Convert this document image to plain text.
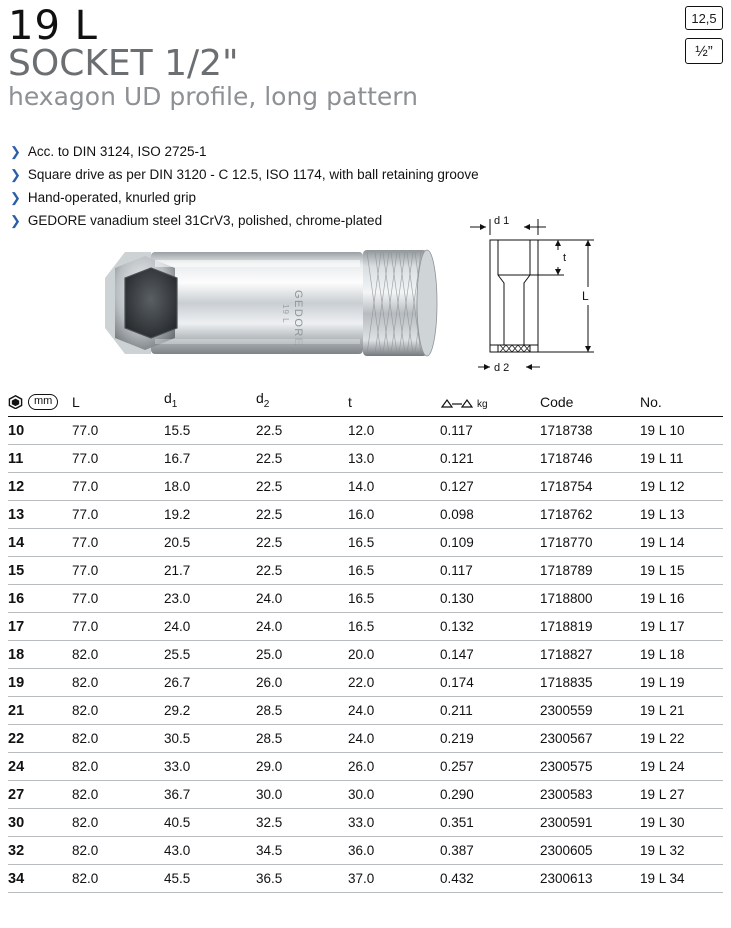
19 L
SOCKET 1/2"
hexagon UD profile, long pattern
12,5
½”
❯ Acc. to DIN 3124, ISO 2725-1
❯ Square drive as per DIN 3120 - C 12.5, ISO 1174, with ball retaining groove
❯ Hand-operated, knurled grip
❯ GEDORE vanadium steel 31CrV3, polished, chrome-plated
GEDORE
19 L
d 1
d 2
t
L
mm	L	$d_1$	$d_2$	t	kg	Code	No.
10	77.0	15.5	22.5	12.0	0.117	1718738	19 L 10
11	77.0	16.7	22.5	13.0	0.121	1718746	19 L 11
12	77.0	18.0	22.5	14.0	0.127	1718754	19 L 12
13	77.0	19.2	22.5	16.0	0.098	1718762	19 L 13
14	77.0	20.5	22.5	16.5	0.109	1718770	19 L 14
15	77.0	21.7	22.5	16.5	0.117	1718789	19 L 15
16	77.0	23.0	24.0	16.5	0.130	1718800	19 L 16
17	77.0	24.0	24.0	16.5	0.132	1718819	19 L 17
18	82.0	25.5	25.0	20.0	0.147	1718827	19 L 18
19	82.0	26.7	26.0	22.0	0.174	1718835	19 L 19
21	82.0	29.2	28.5	24.0	0.211	2300559	19 L 21
22	82.0	30.5	28.5	24.0	0.219	2300567	19 L 22
24	82.0	33.0	29.0	26.0	0.257	2300575	19 L 24
27	82.0	36.7	30.0	30.0	0.290	2300583	19 L 27
30	82.0	40.5	32.5	33.0	0.351	2300591	19 L 30
32	82.0	43.0	34.5	36.0	0.387	2300605	19 L 32
34	82.0	45.5	36.5	37.0	0.432	2300613	19 L 34
